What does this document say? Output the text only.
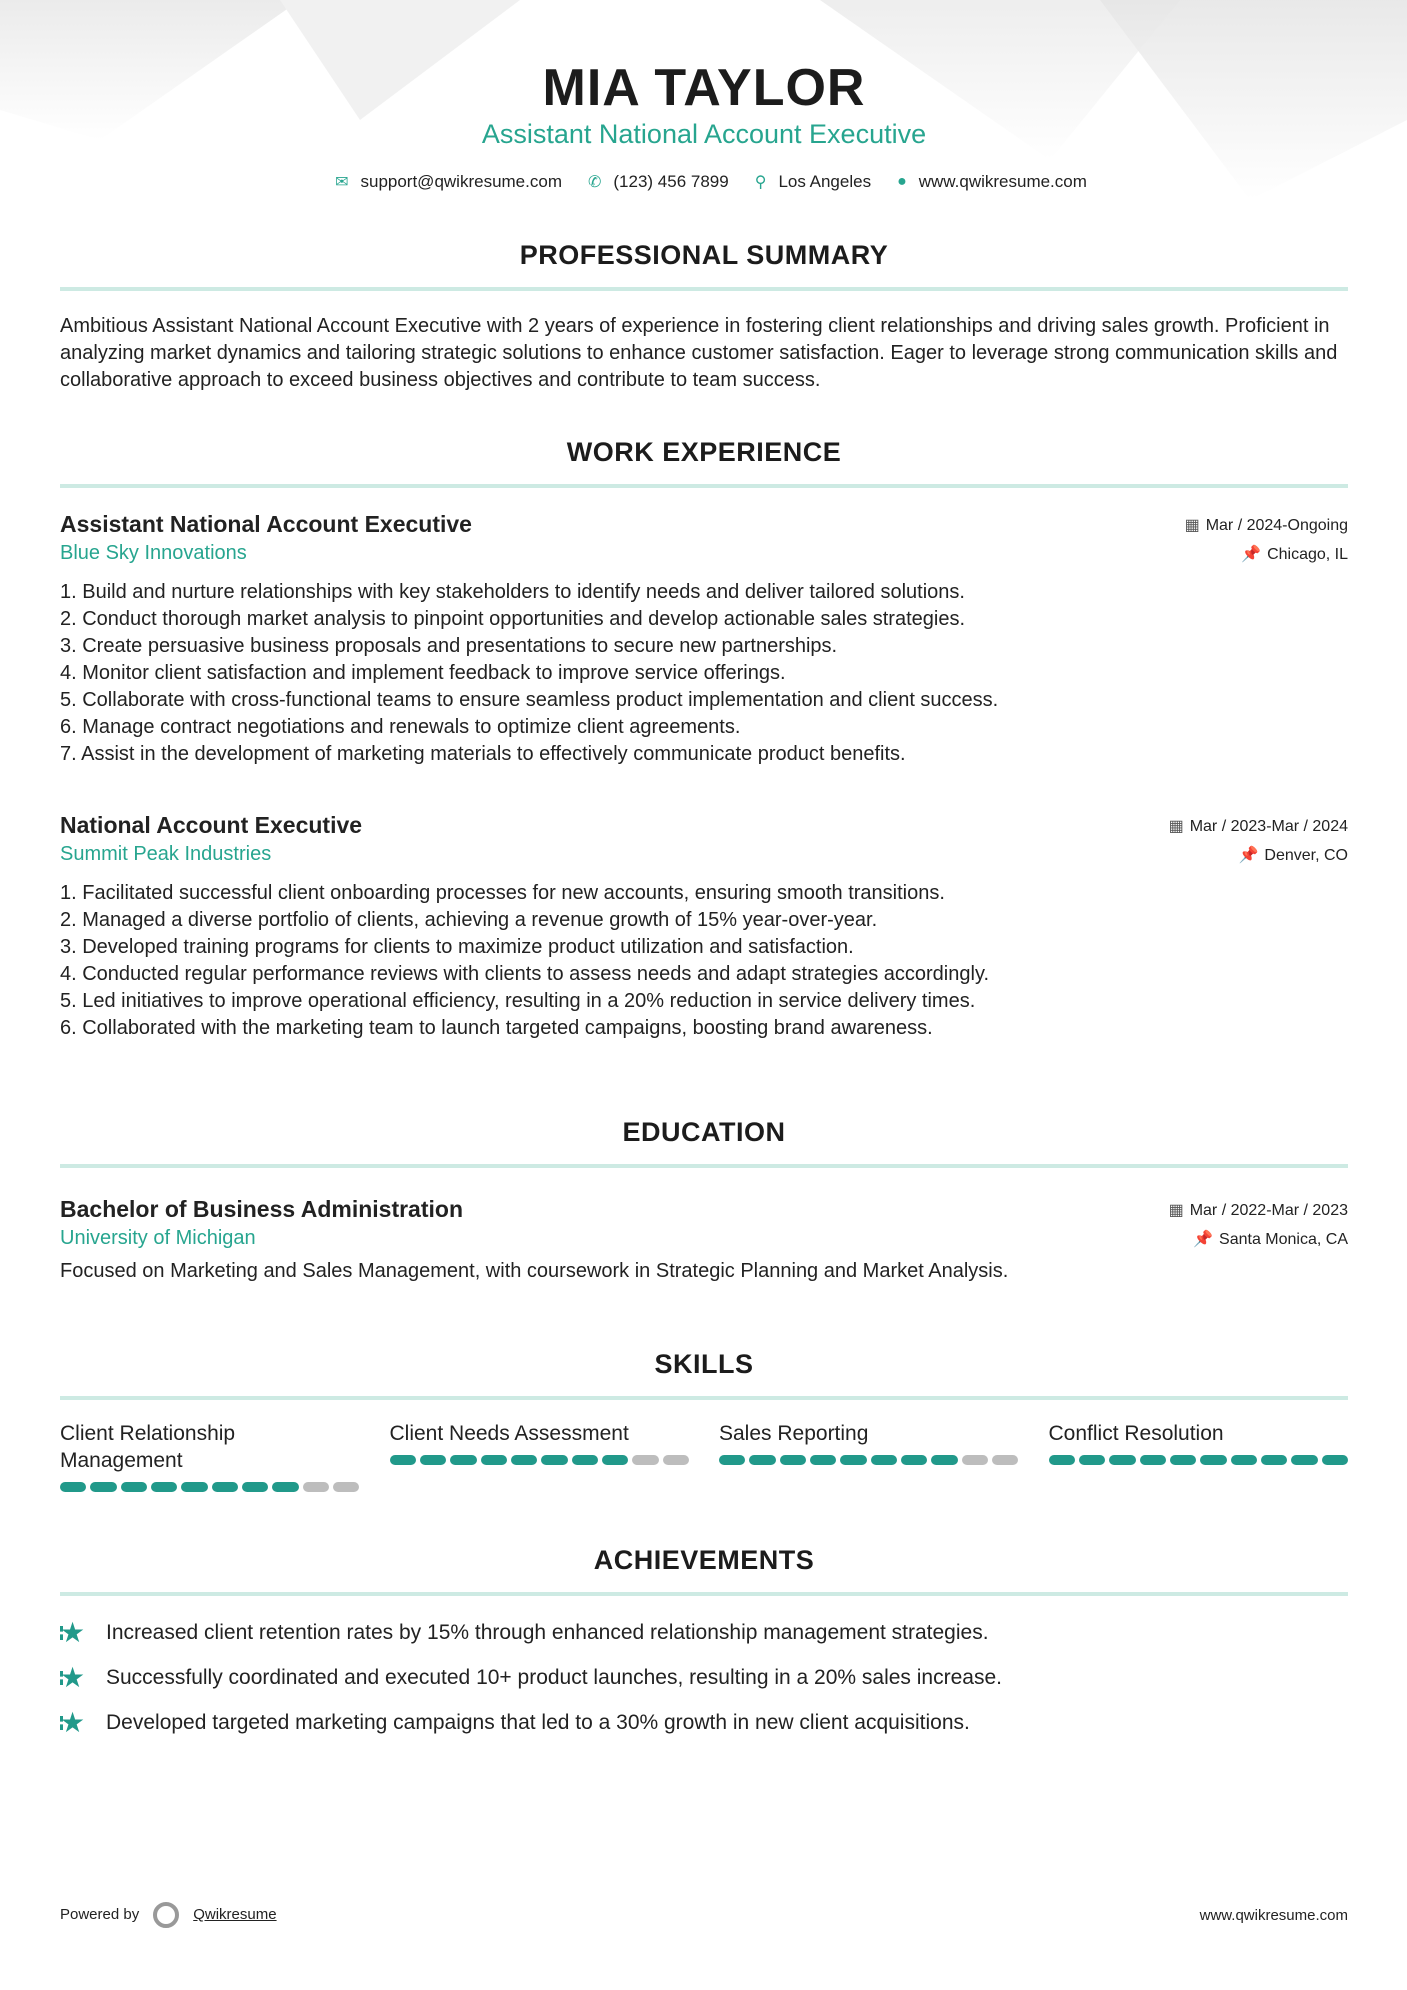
MIA TAYLOR
Assistant National Account Executive
✉ support@qwikresume.com ✆ (123) 456 7899 ⚲ Los Angeles ● www.qwikresume.com
PROFESSIONAL SUMMARY
Ambitious Assistant National Account Executive with 2 years of experience in fostering client relationships and driving sales growth. Proficient in analyzing market dynamics and tailoring strategic solutions to enhance customer satisfaction. Eager to leverage strong communication skills and collaborative approach to exceed business objectives and contribute to team success.
WORK EXPERIENCE
Assistant National Account Executive	▦ Mar / 2024-Ongoing
Blue Sky Innovations	📌 Chicago, IL
1. Build and nurture relationships with key stakeholders to identify needs and deliver tailored solutions.
2. Conduct thorough market analysis to pinpoint opportunities and develop actionable sales strategies.
3. Create persuasive business proposals and presentations to secure new partnerships.
4. Monitor client satisfaction and implement feedback to improve service offerings.
5. Collaborate with cross-functional teams to ensure seamless product implementation and client success.
6. Manage contract negotiations and renewals to optimize client agreements.
7. Assist in the development of marketing materials to effectively communicate product benefits.
National Account Executive	▦ Mar / 2023-Mar / 2024
Summit Peak Industries	📌 Denver, CO
1. Facilitated successful client onboarding processes for new accounts, ensuring smooth transitions.
2. Managed a diverse portfolio of clients, achieving a revenue growth of 15% year-over-year.
3. Developed training programs for clients to maximize product utilization and satisfaction.
4. Conducted regular performance reviews with clients to assess needs and adapt strategies accordingly.
5. Led initiatives to improve operational efficiency, resulting in a 20% reduction in service delivery times.
6. Collaborated with the marketing team to launch targeted campaigns, boosting brand awareness.
EDUCATION
Bachelor of Business Administration	▦ Mar / 2022-Mar / 2023
University of Michigan	📌 Santa Monica, CA
Focused on Marketing and Sales Management, with coursework in Strategic Planning and Market Analysis.
SKILLS
Client Relationship Management
Client Needs Assessment	Sales Reporting	Conflict Resolution
ACHIEVEMENTS
★ Increased client retention rates by 15% through enhanced relationship management strategies.
★ Successfully coordinated and executed 10+ product launches, resulting in a 20% sales increase.
★ Developed targeted marketing campaigns that led to a 30% growth in new client acquisitions.
Powered by	Qwikresume	www.qwikresume.com
